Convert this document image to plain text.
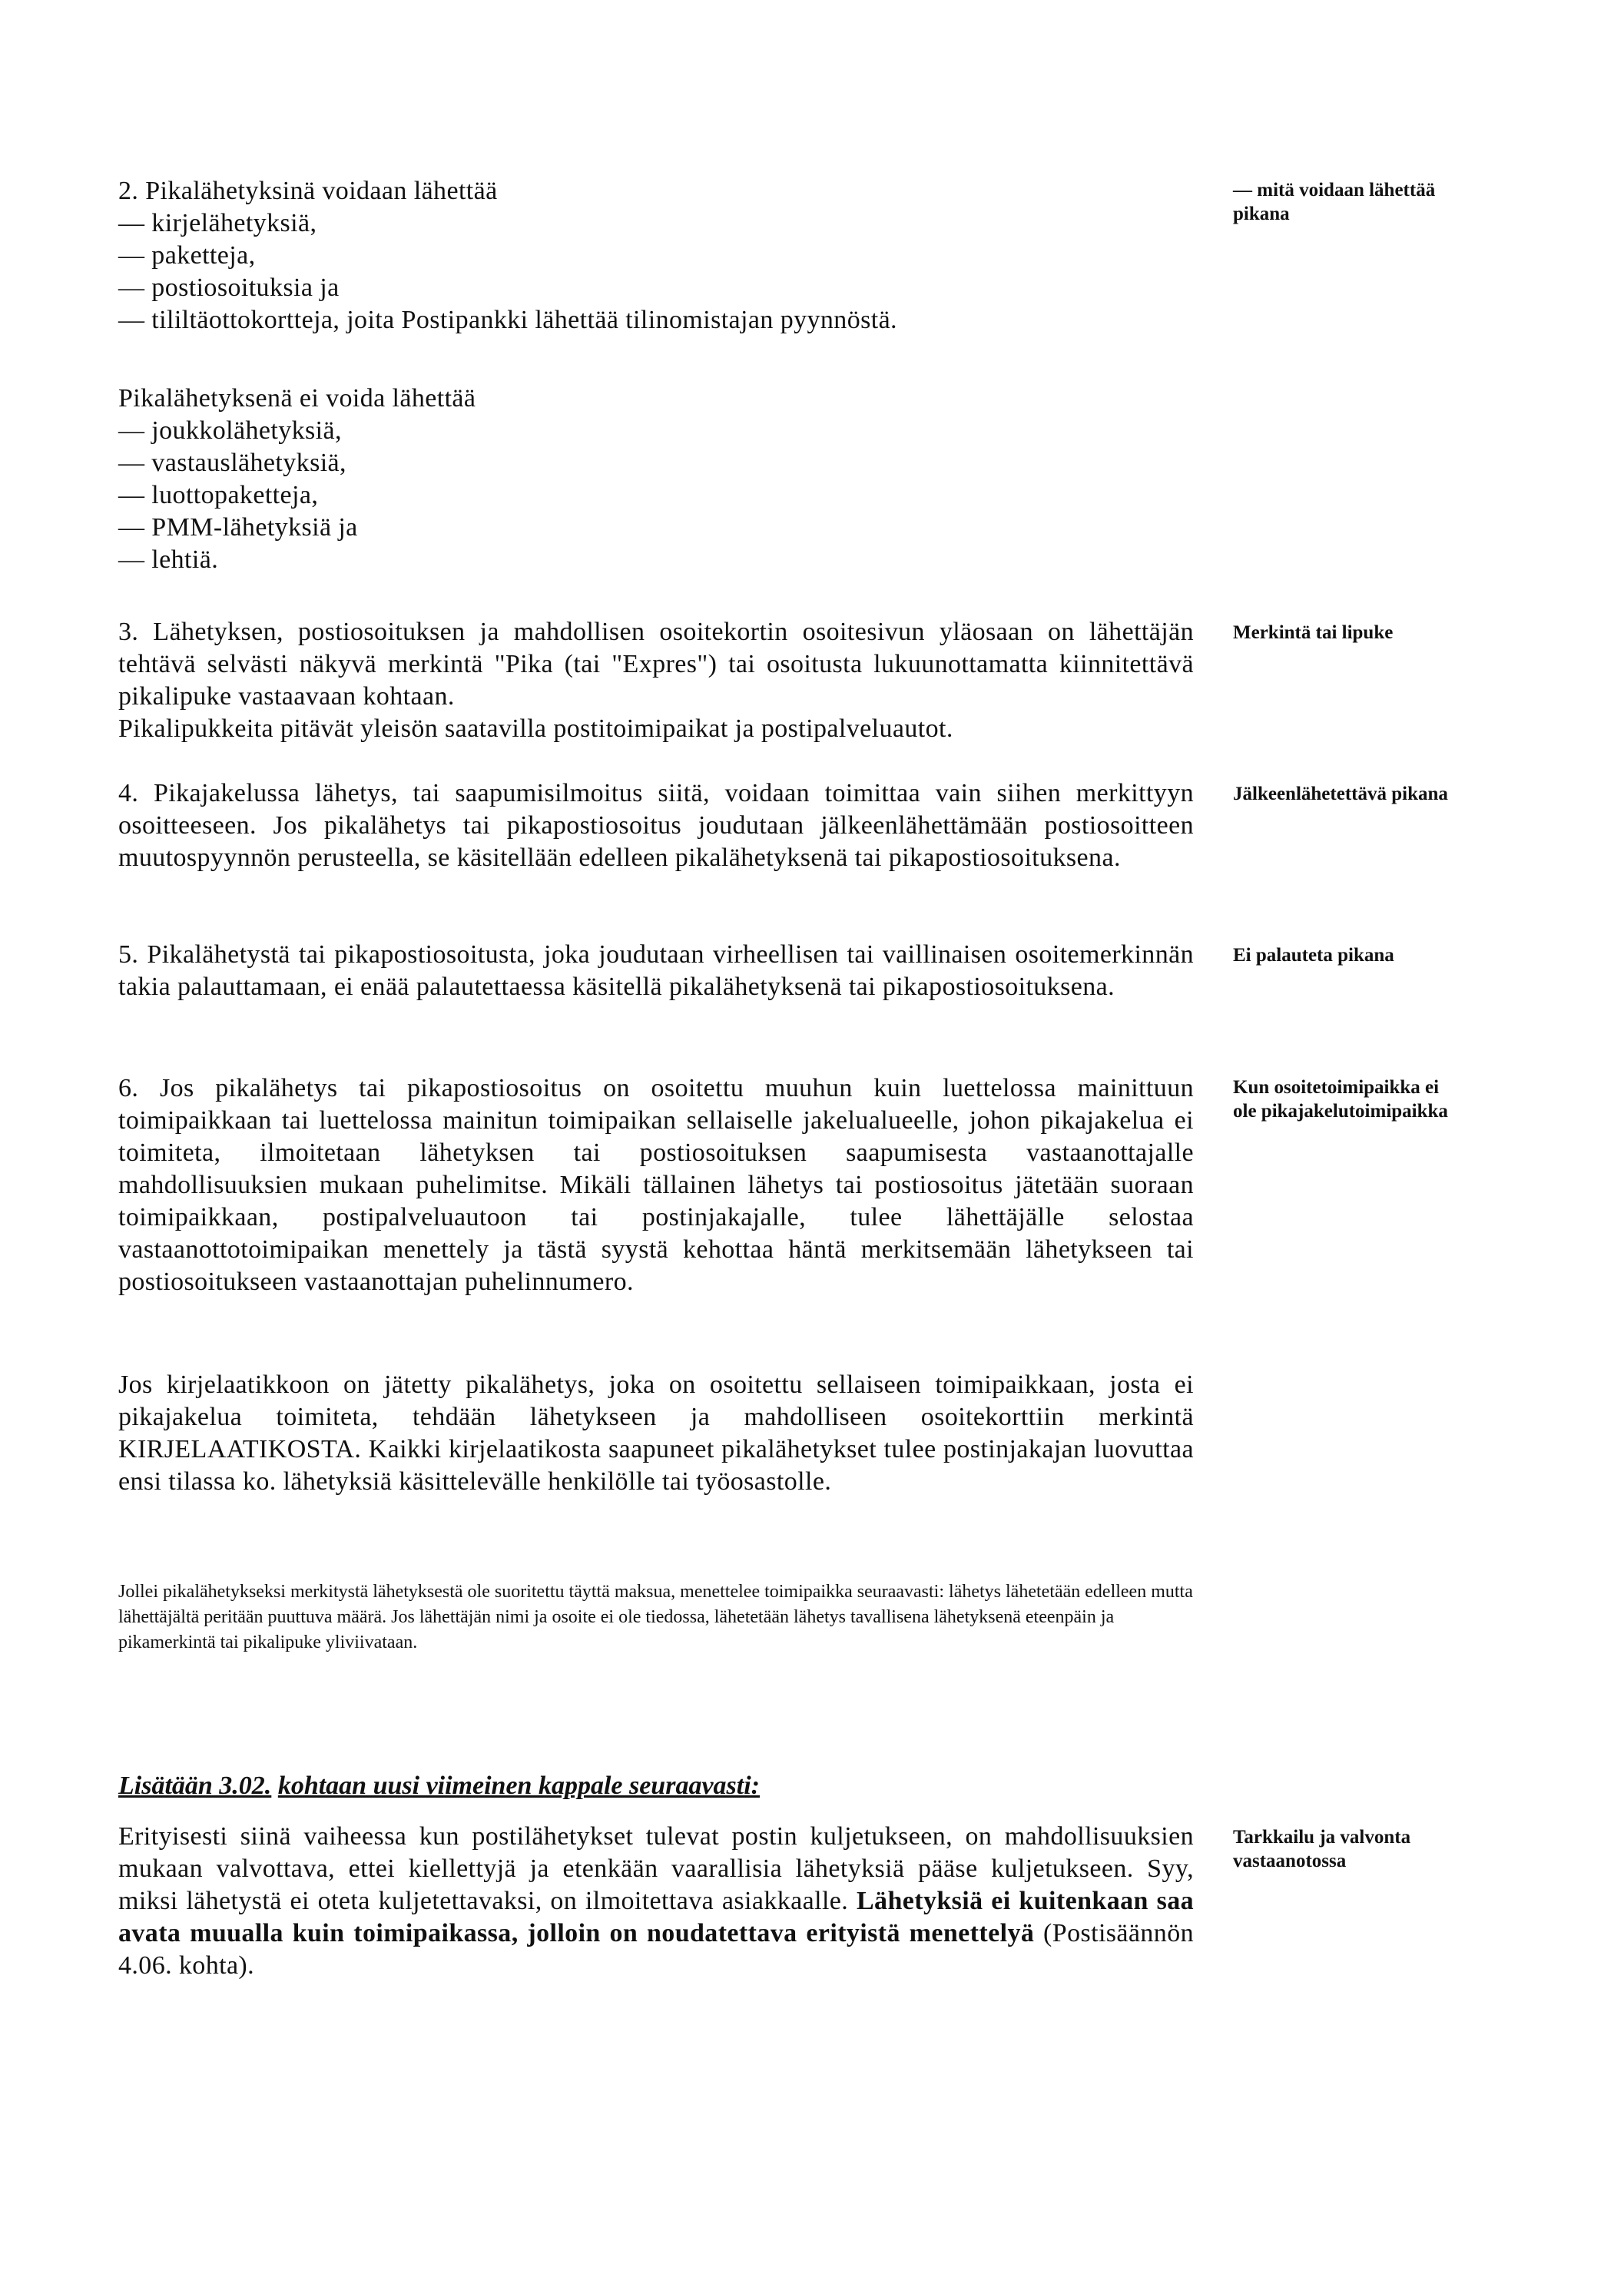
2. Pikalähetyksinä voidaan lähettää
— kirjelähetyksiä,
— paketteja,
— postiosoituksia ja
— tililtäottokortteja, joita Postipankki lähettää tilinomistajan pyynnöstä.
— mitä voidaan lähettää pikana
Pikalähetyksenä ei voida lähettää
— joukkolähetyksiä,
— vastauslähetyksiä,
— luottopaketteja,
— PMM-lähetyksiä ja
— lehtiä.

3. Lähetyksen, postiosoituksen ja mahdollisen osoitekortin osoitesivun yläosaan on lähettäjän tehtävä selvästi näkyvä merkintä "Pika (tai "Expres") tai osoitusta lukuunottamatta kiinnitettävä pikalipuke vastaavaan kohtaan.

Pikalipukkeita pitävät yleisön saatavilla postitoimipaikat ja postipalveluautot.

Merkintä tai lipuke

4. Pikajakelussa lähetys, tai saapumisilmoitus siitä, voidaan toimittaa vain siihen merkittyyn osoitteeseen. Jos pikalähetys tai pikapostiosoitus joudutaan jälkeenlähettämään postiosoitteen muutospyynnön perusteella, se käsitellään edelleen pikalähetyksenä tai pikapostiosoituksena.

Jälkeenlähetettävä pikana

5. Pikalähetystä tai pikapostiosoitusta, joka joudutaan virheellisen tai vaillinaisen osoitemerkinnän takia palauttamaan, ei enää palautettaessa käsitellä pikalähetyksenä tai pikapostiosoituksena.

Ei palauteta pikana

6. Jos pikalähetys tai pikapostiosoitus on osoitettu muuhun kuin luettelossa mainittuun toimipaikkaan tai luettelossa mainitun toimipaikan sellaiselle jakelualueelle, johon pikajakelua ei toimiteta, ilmoitetaan lähetyksen tai postiosoituksen saapumisesta vastaanottajalle mahdollisuuksien mukaan puhelimitse. Mikäli tällainen lähetys tai postiosoitus jätetään suoraan toimipaikkaan, postipalveluautoon tai postinjakajalle, tulee lähettäjälle selostaa vastaanottotoimipaikan menettely ja tästä syystä kehottaa häntä merkitsemään lähetykseen tai postiosoitukseen vastaanottajan puhelinnumero.

Kun osoitetoimipaikka ei ole pikajakelutoimipaikka

Jos kirjelaatikkoon on jätetty pikalähetys, joka on osoitettu sellaiseen toimipaikkaan, josta ei pikajakelua toimiteta, tehdään lähetykseen ja mahdolliseen osoitekorttiin merkintä KIRJELAATIKOSTA. Kaikki kirjelaatikosta saapuneet pikalähetykset tulee postinjakajan luovuttaa ensi tilassa ko. lähetyksiä käsittelevälle henkilölle tai työosastolle.

Jollei pikalähetykseksi merkitystä lähetyksestä ole suoritettu täyttä maksua, menettelee toimipaikka seuraavasti: lähetys lähetetään edelleen mutta lähettäjältä peritään puuttuva määrä. Jos lähettäjän nimi ja osoite ei ole tiedossa, lähetetään lähetys tavallisena lähetyksenä eteenpäin ja pikamerkintä tai pikalipuke yliviivataan.
Lisätään 3.02. kohtaan uusi viimeinen kappale seuraavasti:

Erityisesti siinä vaiheessa kun postilähetykset tulevat postin kuljetukseen, on mahdollisuuksien mukaan valvottava, ettei kiellettyjä ja etenkään vaarallisia lähetyksiä pääse kuljetukseen. Syy, miksi lähetystä ei oteta kuljetettavaksi, on ilmoitettava asiakkaalle. Lähetyksiä ei kuitenkaan saa avata muualla kuin toimipaikassa, jolloin on noudatettava erityistä menettelyä (Postisäännön 4.06. kohta).

Tarkkailu ja valvonta vastaanotossa
